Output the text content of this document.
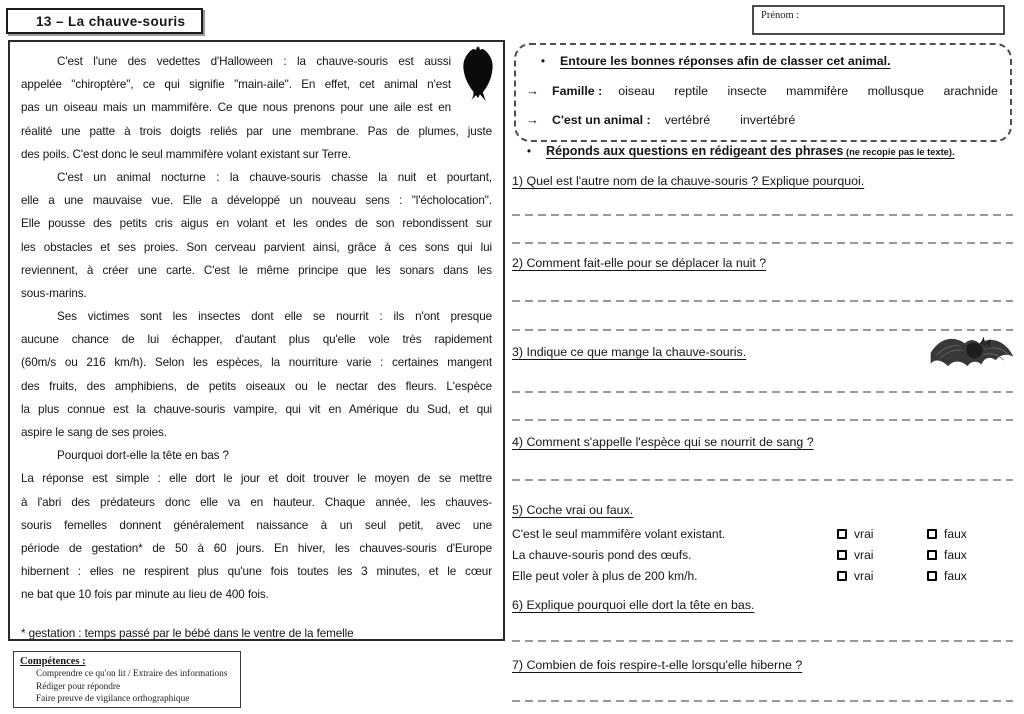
13 – La chauve-souris	Prénom :
C'est l'une des vedettes d'Halloween : la chauve-souris est aussi
appelée "chiroptère", ce qui signifie "main-aile". En effet, cet animal n'est
pas un oiseau mais un mammifère. Ce que nous prenons pour une aile est en
réalité une patte à trois doigts reliés par une membrane. Pas de plumes, juste
des poils. C'est donc le seul mammifère volant existant sur Terre.
C'est un animal nocturne : la chauve-souris chasse la nuit et pourtant,
elle a une mauvaise vue. Elle a développé un nouveau sens : "l'écholocation".
Elle pousse des petits cris aigus en volant et les ondes de son rebondissent sur
les obstacles et ses proies. Son cerveau parvient ainsi, grâce à ces sons qui lui
reviennent, à créer une carte. C'est le même principe que les sonars dans les
sous-marins.
Ses victimes sont les insectes dont elle se nourrit : ils n'ont presque
aucune chance de lui échapper, d'autant plus qu'elle vole très rapidement
(60m/s ou 216 km/h). Selon les espèces, la nourriture varie : certaines mangent
des fruits, des amphibiens, de petits oiseaux ou le nectar des fleurs. L'espèce
la plus connue est la chauve-souris vampire, qui vit en Amérique du Sud, et qui
aspire le sang de ses proies.
Pourquoi dort-elle la tête en bas ?
La réponse est simple : elle dort le jour et doit trouver le moyen de se mettre
à l'abri des prédateurs donc elle va en hauteur. Chaque année, les chauves-
souris femelles donnent généralement naissance à un seul petit, avec une
période de gestation* de 50 à 60 jours. En hiver, les chauves-souris d'Europe
hibernent : elles ne respirent plus qu'une fois toutes les 3 minutes, et le cœur
ne bat que 10 fois par minute au lieu de 400 fois.
* gestation : temps passé par le bébé dans le ventre de la femelle
Compétences :
Comprendre ce qu'on lit / Extraire des informations
Rédiger pour répondre
Faire preuve de vigilance orthographique
•	Entoure les bonnes réponses afin de classer cet animal.
→	Famille : oiseau reptile insecte mammifère mollusque arachnide
→	C'est un animal : vertébré invertébré
•	Réponds aux questions en rédigeant des phrases (ne recopie pas le texte).
1) Quel est l'autre nom de la chauve-souris ? Explique pourquoi.
2) Comment fait-elle pour se déplacer la nuit ?
3) Indique ce que mange la chauve-souris.
4) Comment s'appelle l'espèce qui se nourrit de sang ?
5) Coche vrai ou faux.
C'est le seul mammifère volant existant.	vrai	faux
La chauve-souris pond des œufs.	vrai	faux
Elle peut voler à plus de 200 km/h.	vrai	faux
6) Explique pourquoi elle dort la tête en bas.
7) Combien de fois respire-t-elle lorsqu'elle hiberne ?
